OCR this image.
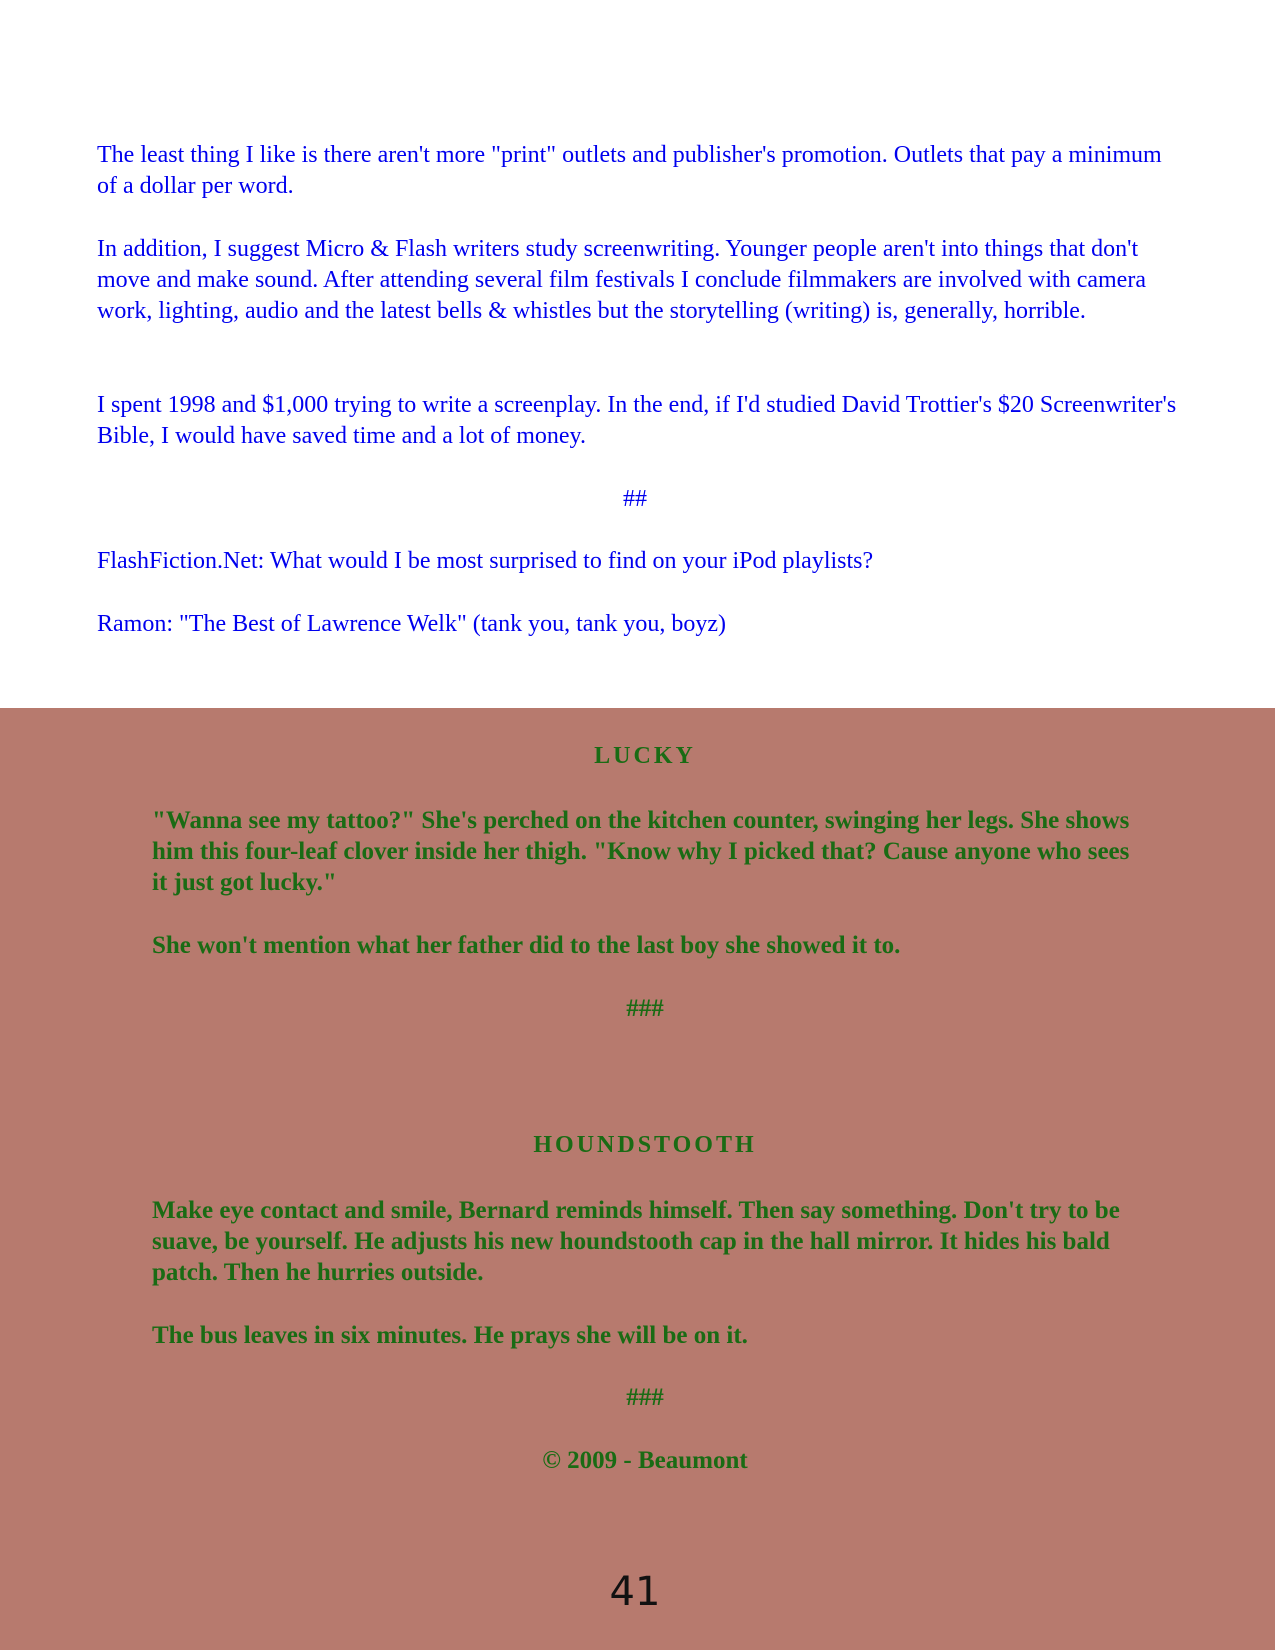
The least thing I like is there aren't more "print" outlets and publisher's promotion. Outlets that pay a minimum of a dollar per word.

In addition, I suggest Micro & Flash writers study screenwriting. Younger people aren't into things that don't move and make sound. After attending several film festivals I conclude filmmakers are involved with camera work, lighting, audio and the latest bells & whistles but the storytelling (writing) is, generally, horrible.

I spent 1998 and $1,000 trying to write a screenplay. In the end, if I'd studied David Trottier's $20 Screenwriter's Bible, I would have saved time and a lot of money.

##

FlashFiction.Net: What would I be most surprised to find on your iPod playlists?

Ramon: "The Best of Lawrence Welk" (tank you, tank you, boyz)

LUCKY

"Wanna see my tattoo?" She's perched on the kitchen counter, swinging her legs. She shows him this four-leaf clover inside her thigh. "Know why I picked that? Cause anyone who sees it just got lucky."

She won't mention what her father did to the last boy she showed it to.

###

HOUNDSTOOTH

Make eye contact and smile, Bernard reminds himself. Then say something. Don't try to be suave, be yourself. He adjusts his new houndstooth cap in the hall mirror. It hides his bald patch. Then he hurries outside.

The bus leaves in six minutes. He prays she will be on it.

###

© 2009 - Beaumont

41
